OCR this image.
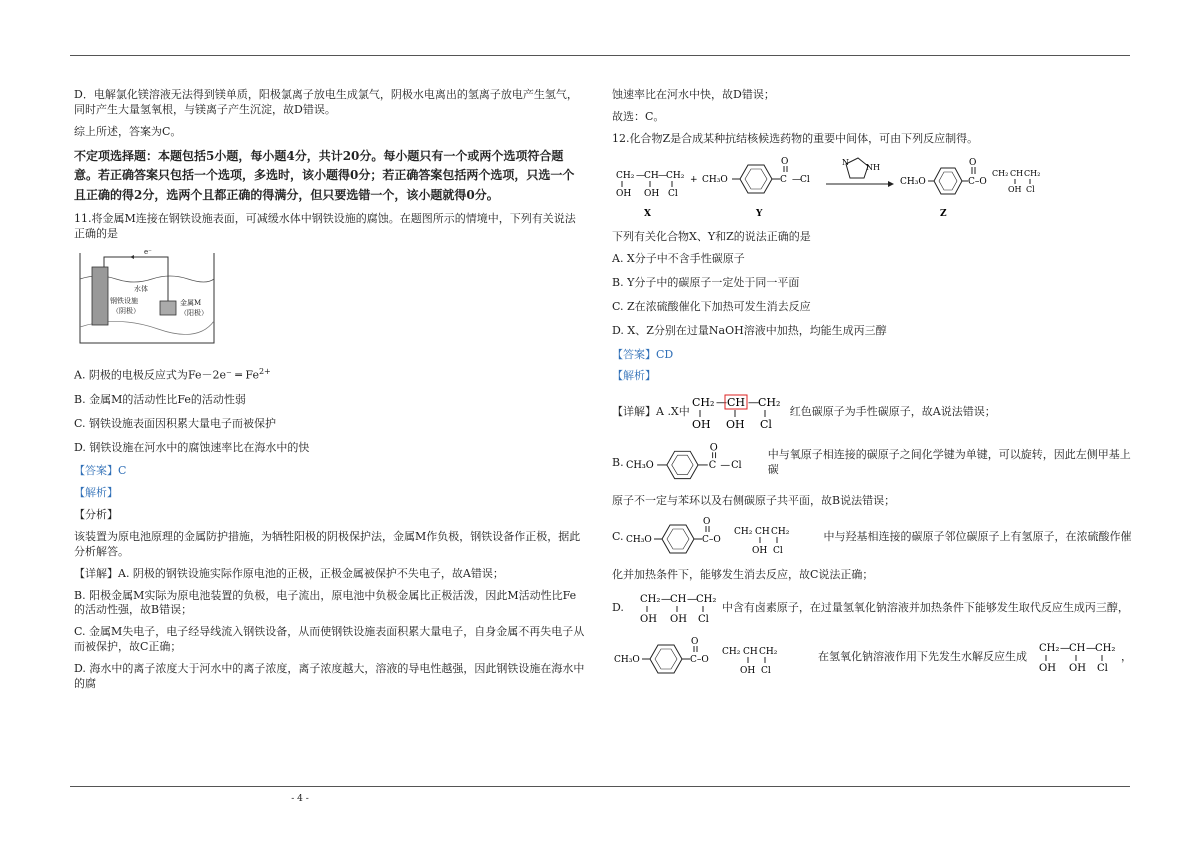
D．电解氯化镁溶液无法得到镁单质，阳极氯离子放电生成氯气，阴极水电离出的氢离子放电产生氢气，同时产生大量氢氧根，与镁离子产生沉淀，故D错误。

综上所述，答案为C。

不定项选择题：本题包括5小题，每小题4分，共计20分。每小题只有一个或两个选项符合题意。若正确答案只包括一个选项，多选时，该小题得0分；若正确答案包括两个选项，只选一个且正确的得2分，选两个且都正确的得满分，但只要选错一个，该小题就得0分。

11.将金属M连接在钢铁设施表面，可减缓水体中钢铁设施的腐蚀。在题图所示的情境中，下列有关说法正确的是

e⁻
水体
钢铁设施
（阴极）
金属M
（阳极）

A. 阴极的电极反应式为Fe－2e⁻ ═ $Fe^{2+}$

B. 金属M的活动性比Fe的活动性弱

C. 钢铁设施表面因积累大量电子而被保护

D. 钢铁设施在河水中的腐蚀速率比在海水中的快

【答案】C

【解析】

【分析】

该装置为原电池原理的金属防护措施，为牺牲阳极的阴极保护法，金属M作负极，钢铁设备作正极，据此分析解答。

【详解】A. 阴极的钢铁设施实际作原电池的正极，正极金属被保护不失电子，故A错误；

B. 阳极金属M实际为原电池装置的负极，电子流出，原电池中负极金属比正极活泼，因此M活动性比Fe的活动性强，故B错误；

C. 金属M失电子，电子经导线流入钢铁设备，从而使钢铁设施表面积累大量电子，自身金属不再失电子从而被保护，故C正确；

D. 海水中的离子浓度大于河水中的离子浓度，离子浓度越大，溶液的导电性越强，因此钢铁设施在海水中的腐

蚀速率比在河水中快，故D错误；

故选：C。

12.化合物Z是合成某种抗结核候选药物的重要中间体，可由下列反应制得。

CH₂ — CH — CH₂
OH OH Cl
X
+ CH₃O	C
O
— Cl
Y
NH
N
CH₃O	C–O
O
CH₂ CH CH₂
OH Cl
Z

下列有关化合物X、Y和Z的说法正确的是

A. X分子中不含手性碳原子

B. Y分子中的碳原子一定处于同一平面

C. Z在浓硫酸催化下加热可发生消去反应

D. X、Z分别在过量NaOH溶液中加热，均能生成丙三醇

【答案】CD

【解析】

【详解】A .X中
CH₂ — CH — CH₂
OH OH Cl
红色碳原子为手性碳原子，故A说法错误；
B. CH₃O	C
O
— Cl
中与氧原子相连接的碳原子之间化学键为单键，可以旋转，因此左侧甲基上碳

原子不一定与苯环以及右侧碳原子共平面，故B说法错误；

C. CH₃O	C–O
O
CH₂ CH CH₂
OH Cl
中与羟基相连接的碳原子邻位碳原子上有氢原子，在浓硫酸作催

化并加热条件下，能够发生消去反应，故C说法正确；

D.
CH₂ — CH — CH₂
OH OH Cl
中含有卤素原子，在过量氢氧化钠溶液并加热条件下能够发生取代反应生成丙三醇，
CH₃O	C–O
O
CH₂ CH CH₂
OH Cl
在氢氧化钠溶液作用下先发生水解反应生成
CH₂ — CH — CH₂
OH OH Cl
，
- 4 -
